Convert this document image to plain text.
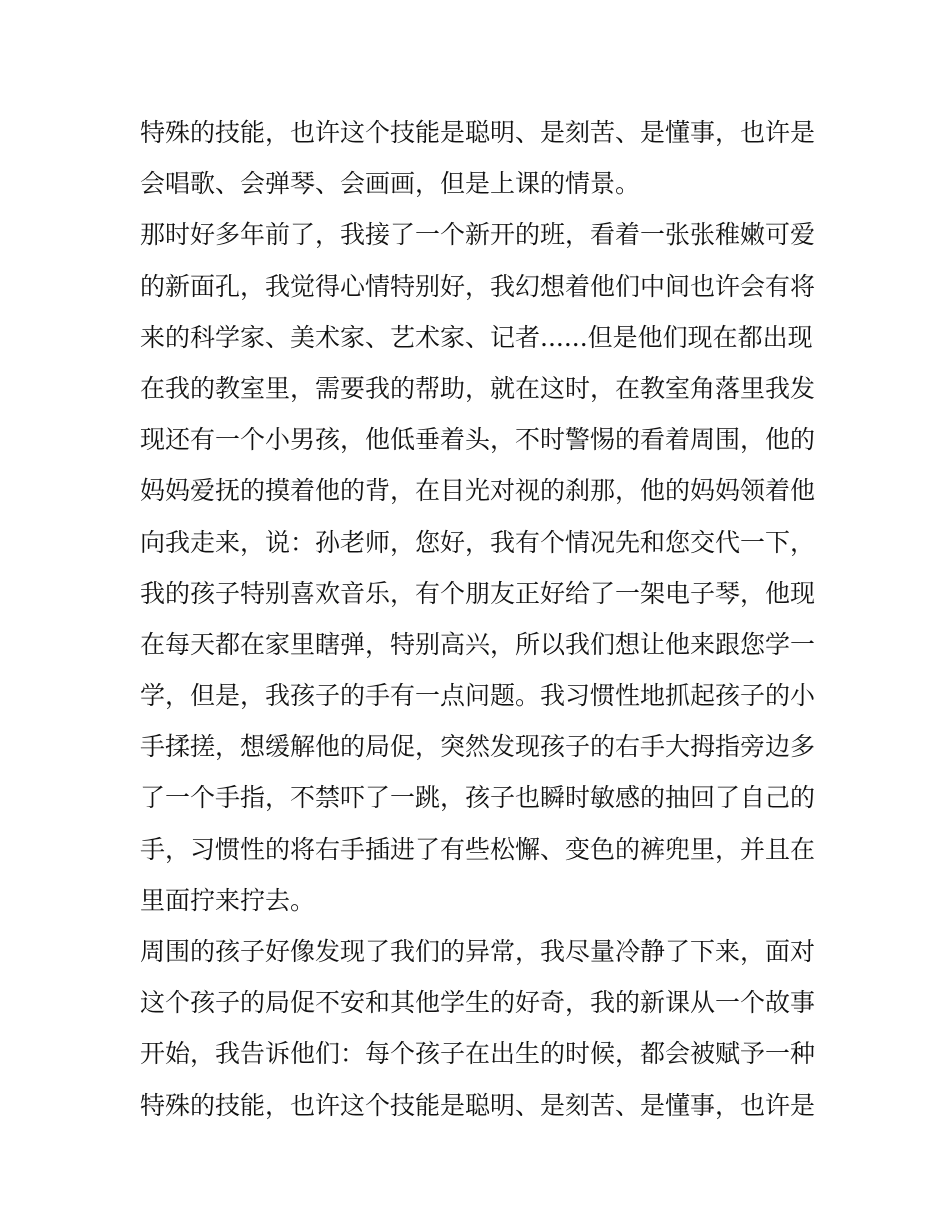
特殊的技能，也许这个技能是聪明、是刻苦、是懂事，也许是
会唱歌、会弹琴、会画画，但是上课的情景。
那时好多年前了，我接了一个新开的班，看着一张张稚嫩可爱
的新面孔，我觉得心情特别好，我幻想着他们中间也许会有将
来的科学家、美术家、艺术家、记者......但是他们现在都出现
在我的教室里，需要我的帮助，就在这时，在教室角落里我发
现还有一个小男孩，他低垂着头，不时警惕的看着周围，他的
妈妈爱抚的摸着他的背，在目光对视的刹那，他的妈妈领着他
向我走来，说：孙老师，您好，我有个情况先和您交代一下，
我的孩子特别喜欢音乐，有个朋友正好给了一架电子琴，他现
在每天都在家里瞎弹，特别高兴，所以我们想让他来跟您学一
学，但是，我孩子的手有一点问题。我习惯性地抓起孩子的小
手揉搓，想缓解他的局促，突然发现孩子的右手大拇指旁边多
了一个手指，不禁吓了一跳，孩子也瞬时敏感的抽回了自己的
手，习惯性的将右手插进了有些松懈、变色的裤兜里，并且在
里面拧来拧去。
周围的孩子好像发现了我们的异常，我尽量冷静了下来，面对
这个孩子的局促不安和其他学生的好奇，我的新课从一个故事
开始，我告诉他们：每个孩子在出生的时候，都会被赋予一种
特殊的技能，也许这个技能是聪明、是刻苦、是懂事，也许是
